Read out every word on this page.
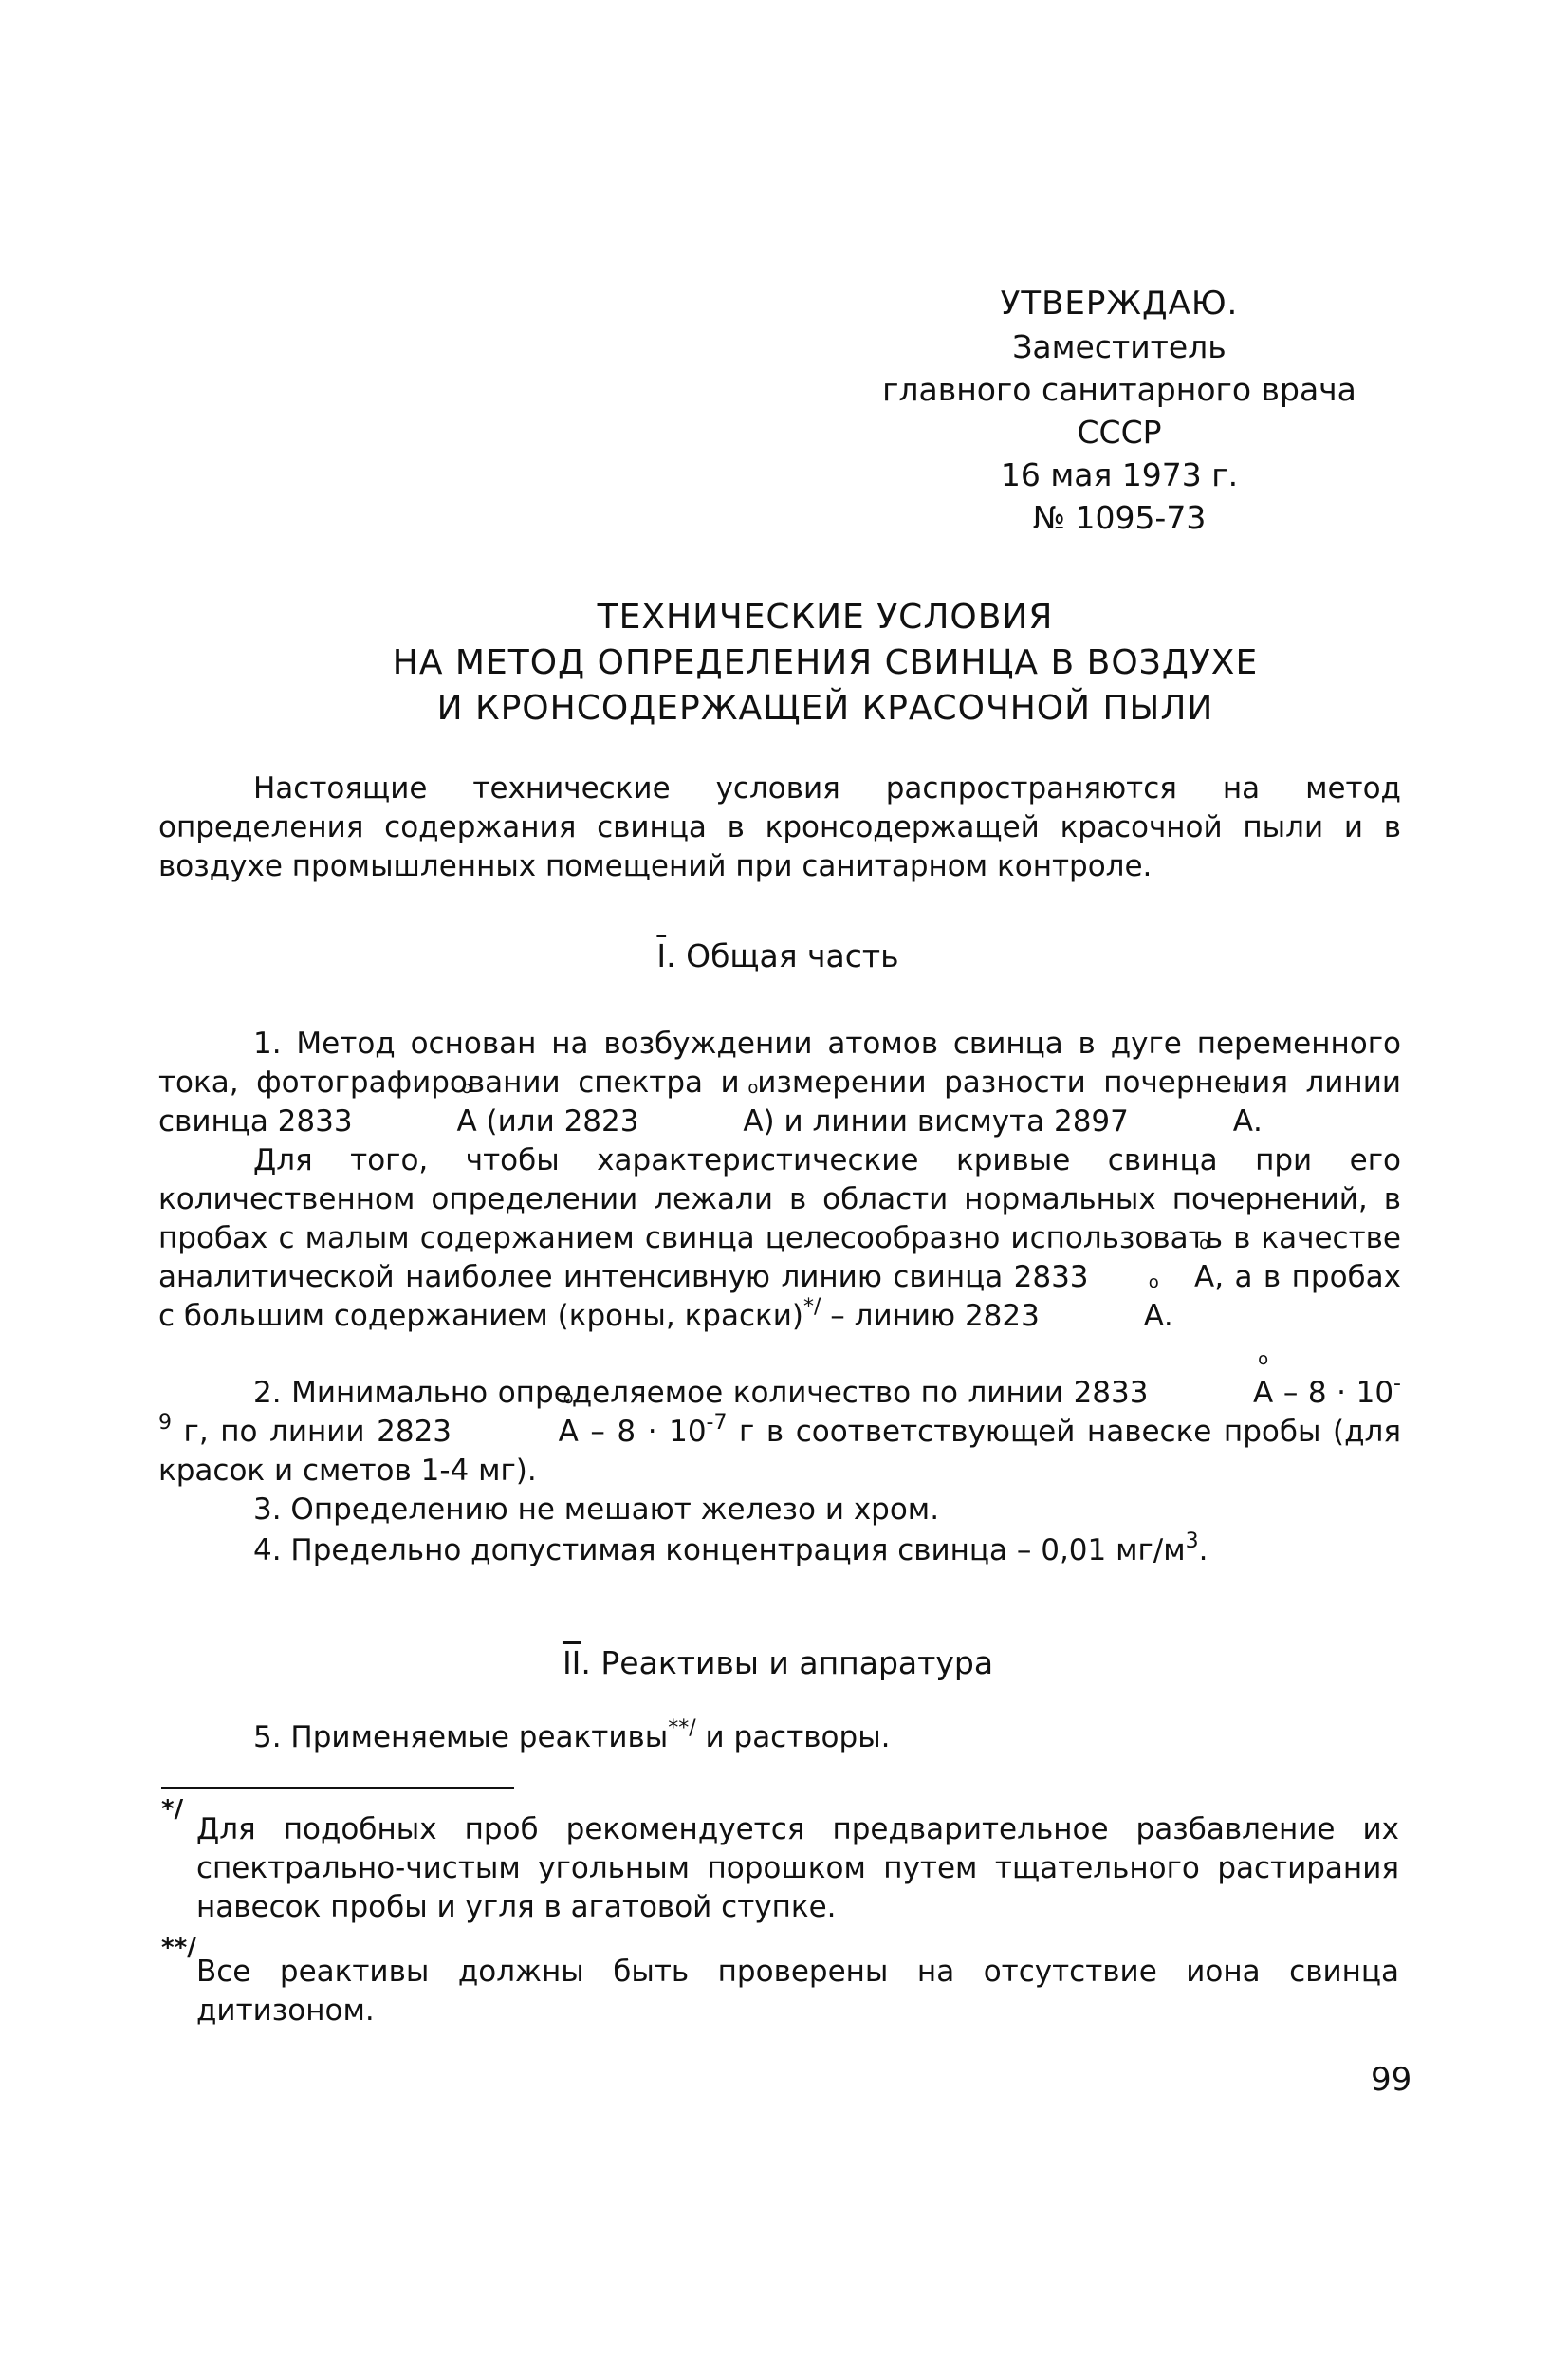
УТВЕРЖДАЮ.
Заместитель
главного санитарного врача
СССР
16 мая 1973 г.
№ 1095-73
ТЕХНИЧЕСКИЕ УСЛОВИЯ
НА МЕТОД ОПРЕДЕЛЕНИЯ СВИНЦА В ВОЗДУХЕ
И КРОНСОДЕРЖАЩЕЙ КРАСОЧНОЙ ПЫЛИ
Настоящие технические условия распространяются на метод определения содержания свинца в кронсодержащей красочной пыли и в воздухе промышленных помещений при санитарном контроле.
$\overline{I}$. Общая часть
1. Метод основан на возбуждении атомов свинца в дуге переменного тока, фотографировании спектра и измерении разности почернения линии свинца 2833	o А (или 2823	o А) и линии висмута 2897	o А.
Для того, чтобы характеристические кривые свинца при его количественном определении лежали в области нормальных почернений, в пробах с малым содержанием свинца целесообразно использовать в качестве аналитической наиболее интенсивную линию свинца 2833	o А, а в пробах с большим содержанием (кроны, краски)*/ – линию 2823	o А.
2. Минимально определяемое количество по линии 2833	o $А - 8 \cdot 10^{-9}$ г, по линии 2823	o $А - 8 \cdot 10^{-7}$ г в соответствующей навеске пробы (для красок и сметов 1-4 мг).
3. Определению не мешают железо и хром.
4. Предельно допустимая концентрация свинца – 0,01 $мг/м^3$.
$\overline{II}$. Реактивы и аппаратура
5. Применяемые реактивы**/ и растворы.
*/
Для подобных проб рекомендуется предварительное разбавление их спектрально-чистым угольным порошком путем тщательного растирания навесок пробы и угля в агатовой ступке.
**/
Все реактивы должны быть проверены на отсутствие иона свинца дитизоном.
99
